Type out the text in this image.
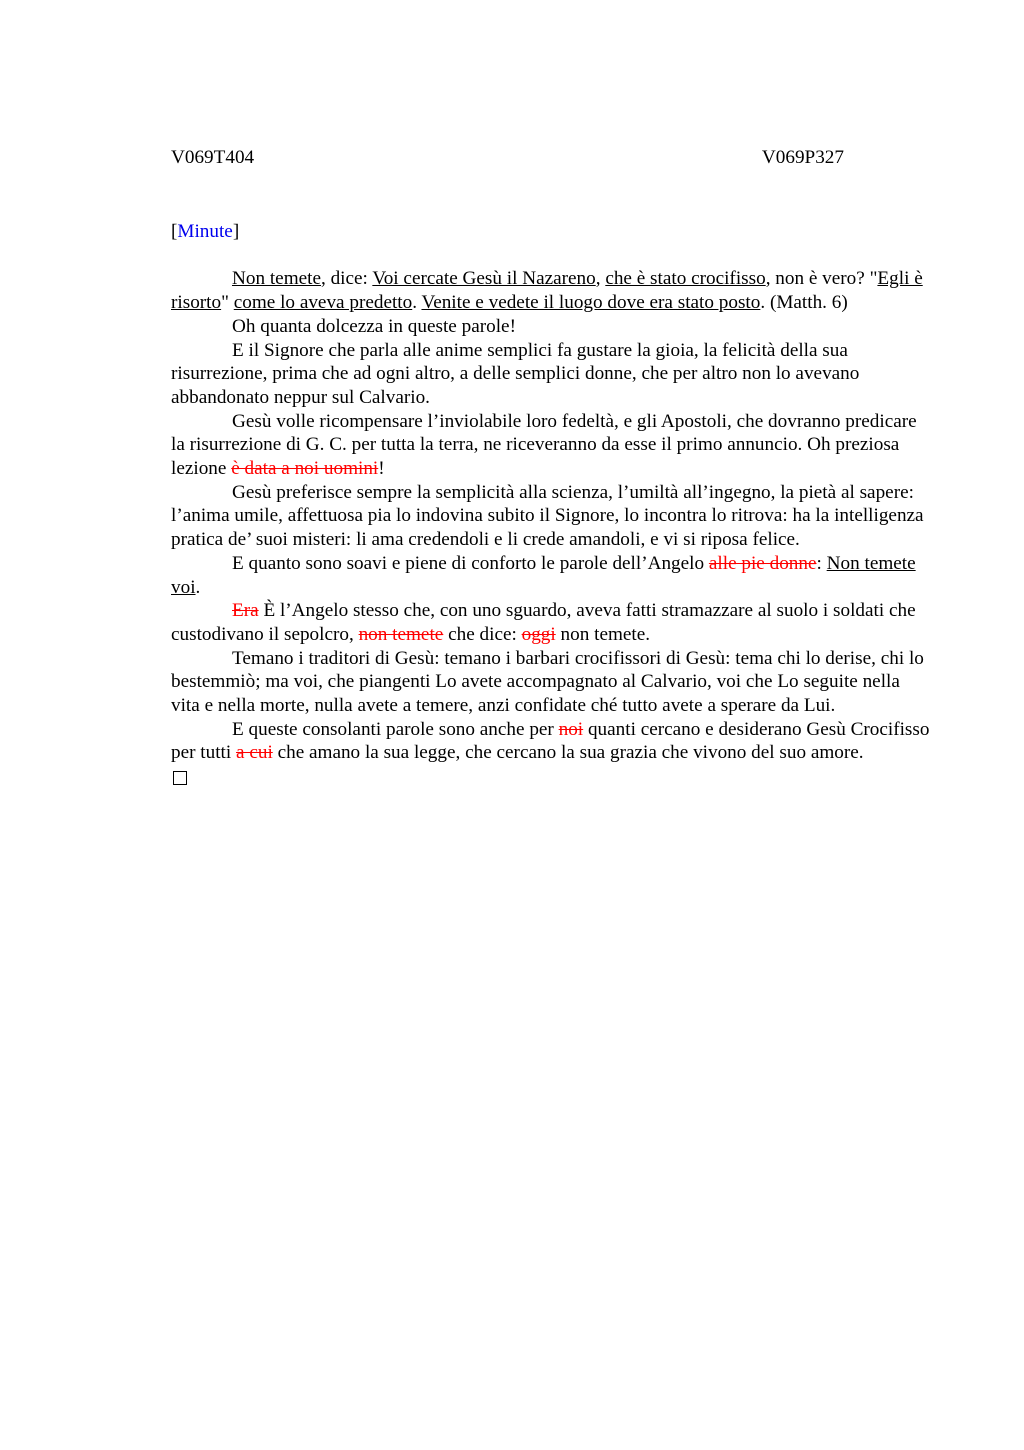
V069T404	V069P327
[Minute]

Non temete, dice: Voi cercate Gesù il Nazareno, che è stato crocifisso, non è vero? "Egli è risorto" come lo aveva predetto. Venite e vedete il luogo dove era stato posto. (Matth. 6)

Oh quanta dolcezza in queste parole!

E il Signore che parla alle anime semplici fa gustare la gioia, la felicità della sua risurrezione, prima che ad ogni altro, a delle semplici donne, che per altro non lo avevano abbandonato neppur sul Calvario.

Gesù volle ricompensare l’inviolabile loro fedeltà, e gli Apostoli, che dovranno predicare la risurrezione di G. C. per tutta la terra, ne riceveranno da esse il primo annuncio. Oh preziosa lezione è data a noi uomini!

Gesù preferisce sempre la semplicità alla scienza, l’umiltà all’ingegno, la pietà al sapere: l’anima umile, affettuosa pia lo indovina subito il Signore, lo incontra lo ritrova: ha la intelligenza pratica de’ suoi misteri: li ama credendoli e li crede amandoli, e vi si riposa felice.

E quanto sono soavi e piene di conforto le parole dell’Angelo alle pie donne: Non temete voi.

Era È l’Angelo stesso che, con uno sguardo, aveva fatti stramazzare al suolo i soldati che custodivano il sepolcro, non temete che dice: oggi non temete.

Temano i traditori di Gesù: temano i barbari crocifissori di Gesù: tema chi lo derise, chi lo bestemmiò; ma voi, che piangenti Lo avete accompagnato al Calvario, voi che Lo seguite nella vita e nella morte, nulla avete a temere, anzi confidate ché tutto avete a sperare da Lui.

E queste consolanti parole sono anche per noi quanti cercano e desiderano Gesù Crocifisso per tutti a cui che amano la sua legge, che cercano la sua grazia che vivono del suo amore.
